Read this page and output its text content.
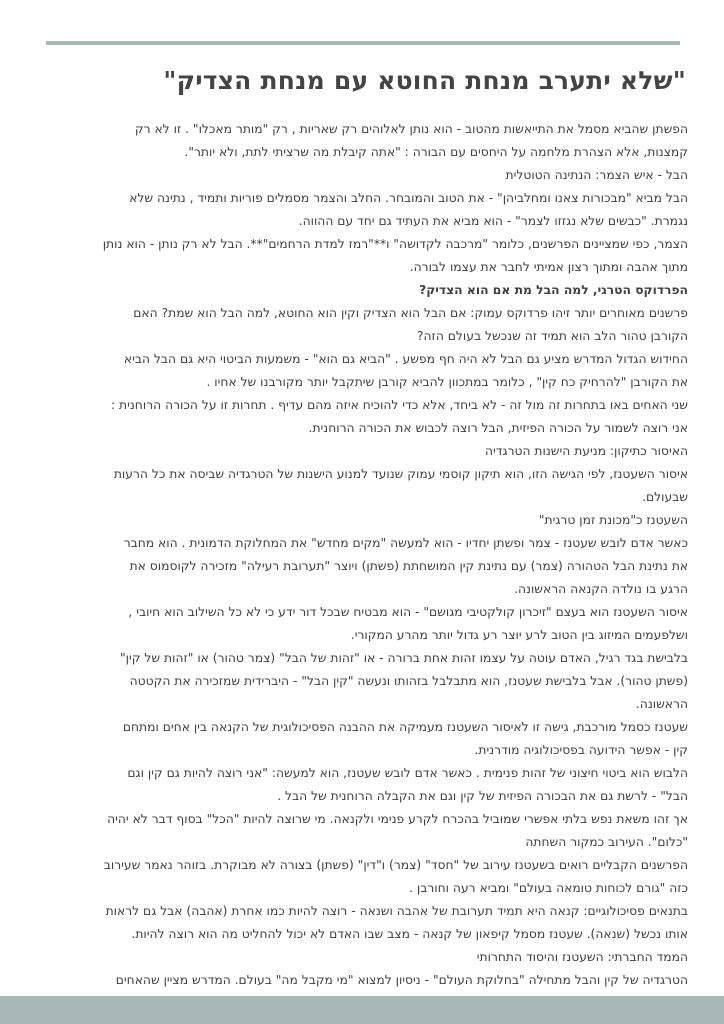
"שלא יתערב מנחת החוטא עם מנחת הצדיק"
הפשתן שהביא מסמל את התייאשות מהטוב - הוא נותן לאלוהים רק שאריות , רק "מותר מאכלו" . זו לא רק
קמצנות, אלא הצהרת מלחמה על היחסים עם הבורה : "אתה קיבלת מה שרציתי לתת, ולא יותר".
הבל - איש הצמר: הנתינה הטוטלית
הבל מביא "מבכורות צאנו ומחלביהן" - את הטוב והמובחר. החלב והצמר מסמלים פוריות ותמיד , נתינה שלא
נגמרת. "כבשים שלא נגזזו לצמר" - הוא מביא את העתיד גם יחד עם ההווה.
הצמר, כפי שמציינים הפרשנים, כלומר "מרכבה לקדושה" ו**"רמז למדת הרחמים"**. הבל לא רק נותן - הוא נותן
מתוך אהבה ומתוך רצון אמיתי לחבר את עצמו לבורה.
הפרדוקס הטרגי, למה הבל מת אם הוא הצדיק?
פרשנים מאוחרים יותר זיהו פרדוקס עמוק: אם הבל הוא הצדיק וקין הוא החוטא, למה הבל הוא שמת? האם
הקורבן טהור הלב הוא תמיד זה שנכשל בעולם הזה?
החידוש הגדול המדרש מציע גם הבל לא היה חף מפשע . "הביא גם הוא" - משמעות הביטוי היא גם הבל הביא
את הקורבן "להרחיק כח קין" , כלומר במתכוון להביא קורבן שיתקבל יותר מקורבנו של אחיו .
שני האחים באו בתחרות זה מול זה - לא ביחד, אלא כדי להוכיח איזה מהם עדיף . תחרות זו על הכורה הרוחנית :
אני רוצה לשמור על הכורה הפיזית, הבל רוצה לכבוש את הכורה הרוחנית.
האיסור כתיקון: מניעת הישנות הטרגדיה
איסור השעטנז, לפי הגישה הזו, הוא תיקון קוסמי עמוק שנועד למנוע הישנות של הטרגדיה שביסה את כל הרעות
שבעולם.
השעטנז כ"מכונת זמן טרגית"
כאשר אדם לובש שעטנז - צמר ופשתן יחדיו - הוא למעשה "מקים מחדש" את המחלוקת הדמונית . הוא מחבר
את נתינת הבל הטהורה (צמר) עם נתינת קין המושחתת (פשתן) ויוצר "תערובת רעילה" מזכירה לקוסמוס את
הרגע בו נולדה הקנאה הראשונה.
איסור השעטנז הוא בעצם "זיכרון קולקטיבי מגושם" - הוא מבטיח שבכל דור ידע כי לא כל השילוב הוא חיובי ,
ושלפעמים המיזוג בין הטוב לרע יוצר רע גדול יותר מהרע המקורי.
בלבישת בגד רגיל, האדם עוטה על עצמו זהות אחת ברורה - או "זהות של הבל" (צמר טהור) או "זהות של קין"
(פשתן טהור). אבל בלבישת שעטנז, הוא מתבלבל בזהותו ונעשה "קין הבל" - היברידית שמזכירה את הקטטה
הראשונה.
שעטנז כסמל מורכבת, גישה זו לאיסור השעטנז מעמיקה את ההבנה הפסיכולוגית של הקנאה בין אחים ומתחם
קין - אפשר הידועה בפסיכולוגיה מודרנית.
הלבוש הוא ביטוי חיצוני של זהות פנימית . כאשר אדם לובש שעטנז, הוא למעשה: "אני רוצה להיות גם קין וגם
הבל" - לרשת גם את הבכורה הפיזית של קין וגם את הקבלה הרוחנית של הבל .
אך זהו משאת נפש בלתי אפשרי שמוביל בהכרח לקרע פנימי ולקנאה. מי שרוצה להיות "הכל" בסוף דבר לא יהיה
"כלום". העירוב כמקור השחתה
הפרשנים הקבליים רואים בשעטנז עירוב של "חסד" (צמר) ו"דין" (פשתן) בצורה לא מבוקרת. בזוהר נאמר שעירוב
כזה "גורם לכוחות טומאה בעולם" ומביא רעה וחורבן .
בתנאים פסיכולוגיים: קנאה היא תמיד תערובת של אהבה ושנאה - רוצה להיות כמו אחרת (אהבה) אבל גם לראות
אותו נכשל (שנאה). שעטנז מסמל קיפאון של קנאה - מצב שבו האדם לא יכול להחליט מה הוא רוצה להיות.
הממד החברתי: השעטנז והיסוד התחרותי
הטרגדיה של קין והבל מתחילה "בחלוקת העולם" - ניסיון למצוא "מי מקבל מה" בעולם. המדרש מציין שהאחים
